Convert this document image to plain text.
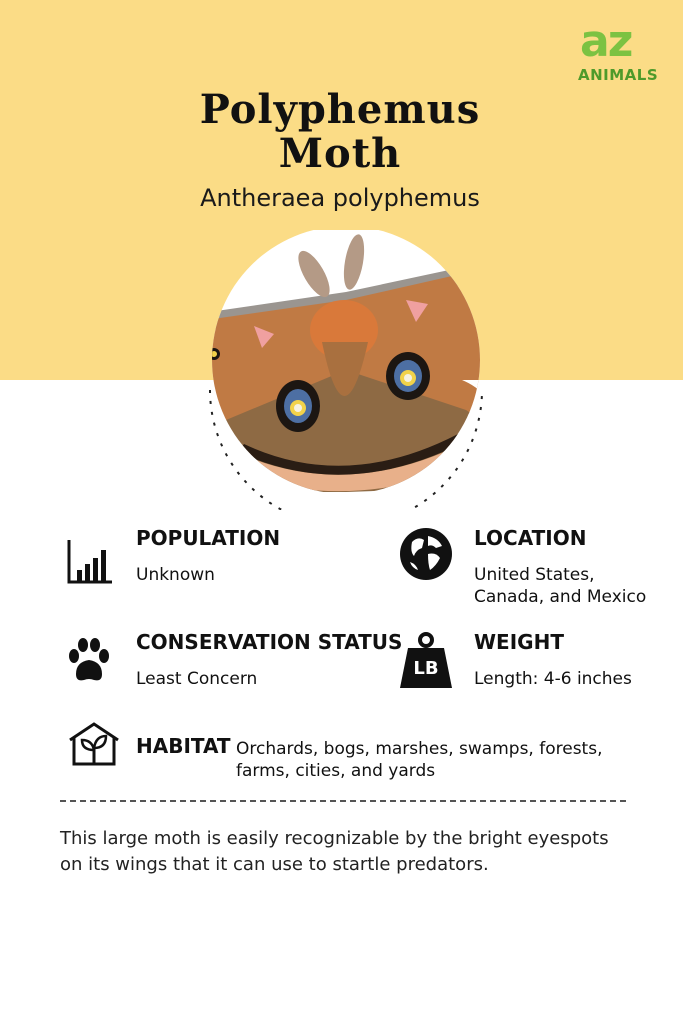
az
ANIMALS
Polyphemus
Moth
Antheraea polyphemus
POPULATION
Unknown
LOCATION
United States,
Canada, and Mexico
CONSERVATION STATUS
Least Concern	LB
WEIGHT
Length: 4-6 inches
HABITAT Orchards, bogs, marshes, swamps, forests,
farms, cities, and yards
This large moth is easily recognizable by the bright eyespots on its wings that it can use to startle predators.
